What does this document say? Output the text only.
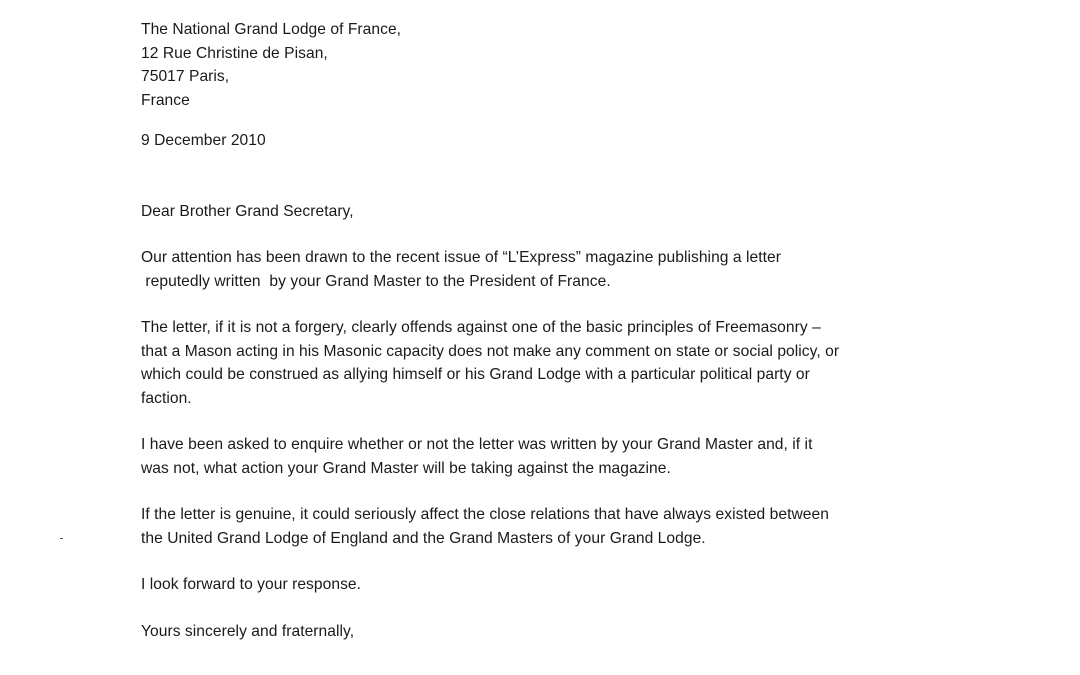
The National Grand Lodge of France,
12 Rue Christine de Pisan,
75017 Paris,
France
9 December 2010
Dear Brother Grand Secretary,
Our attention has been drawn to the recent issue of “L’Express” magazine publishing a letter
reputedly written  by your Grand Master to the President of France.
The letter, if it is not a forgery, clearly offends against one of the basic principles of Freemasonry –
that a Mason acting in his Masonic capacity does not make any comment on state or social policy, or
which could be construed as allying himself or his Grand Lodge with a particular political party or
faction.
I have been asked to enquire whether or not the letter was written by your Grand Master and, if it
was not, what action your Grand Master will be taking against the magazine.
If the letter is genuine, it could seriously affect the close relations that have always existed between
the United Grand Lodge of England and the Grand Masters of your Grand Lodge.
I look forward to your response.
Yours sincerely and fraternally,
